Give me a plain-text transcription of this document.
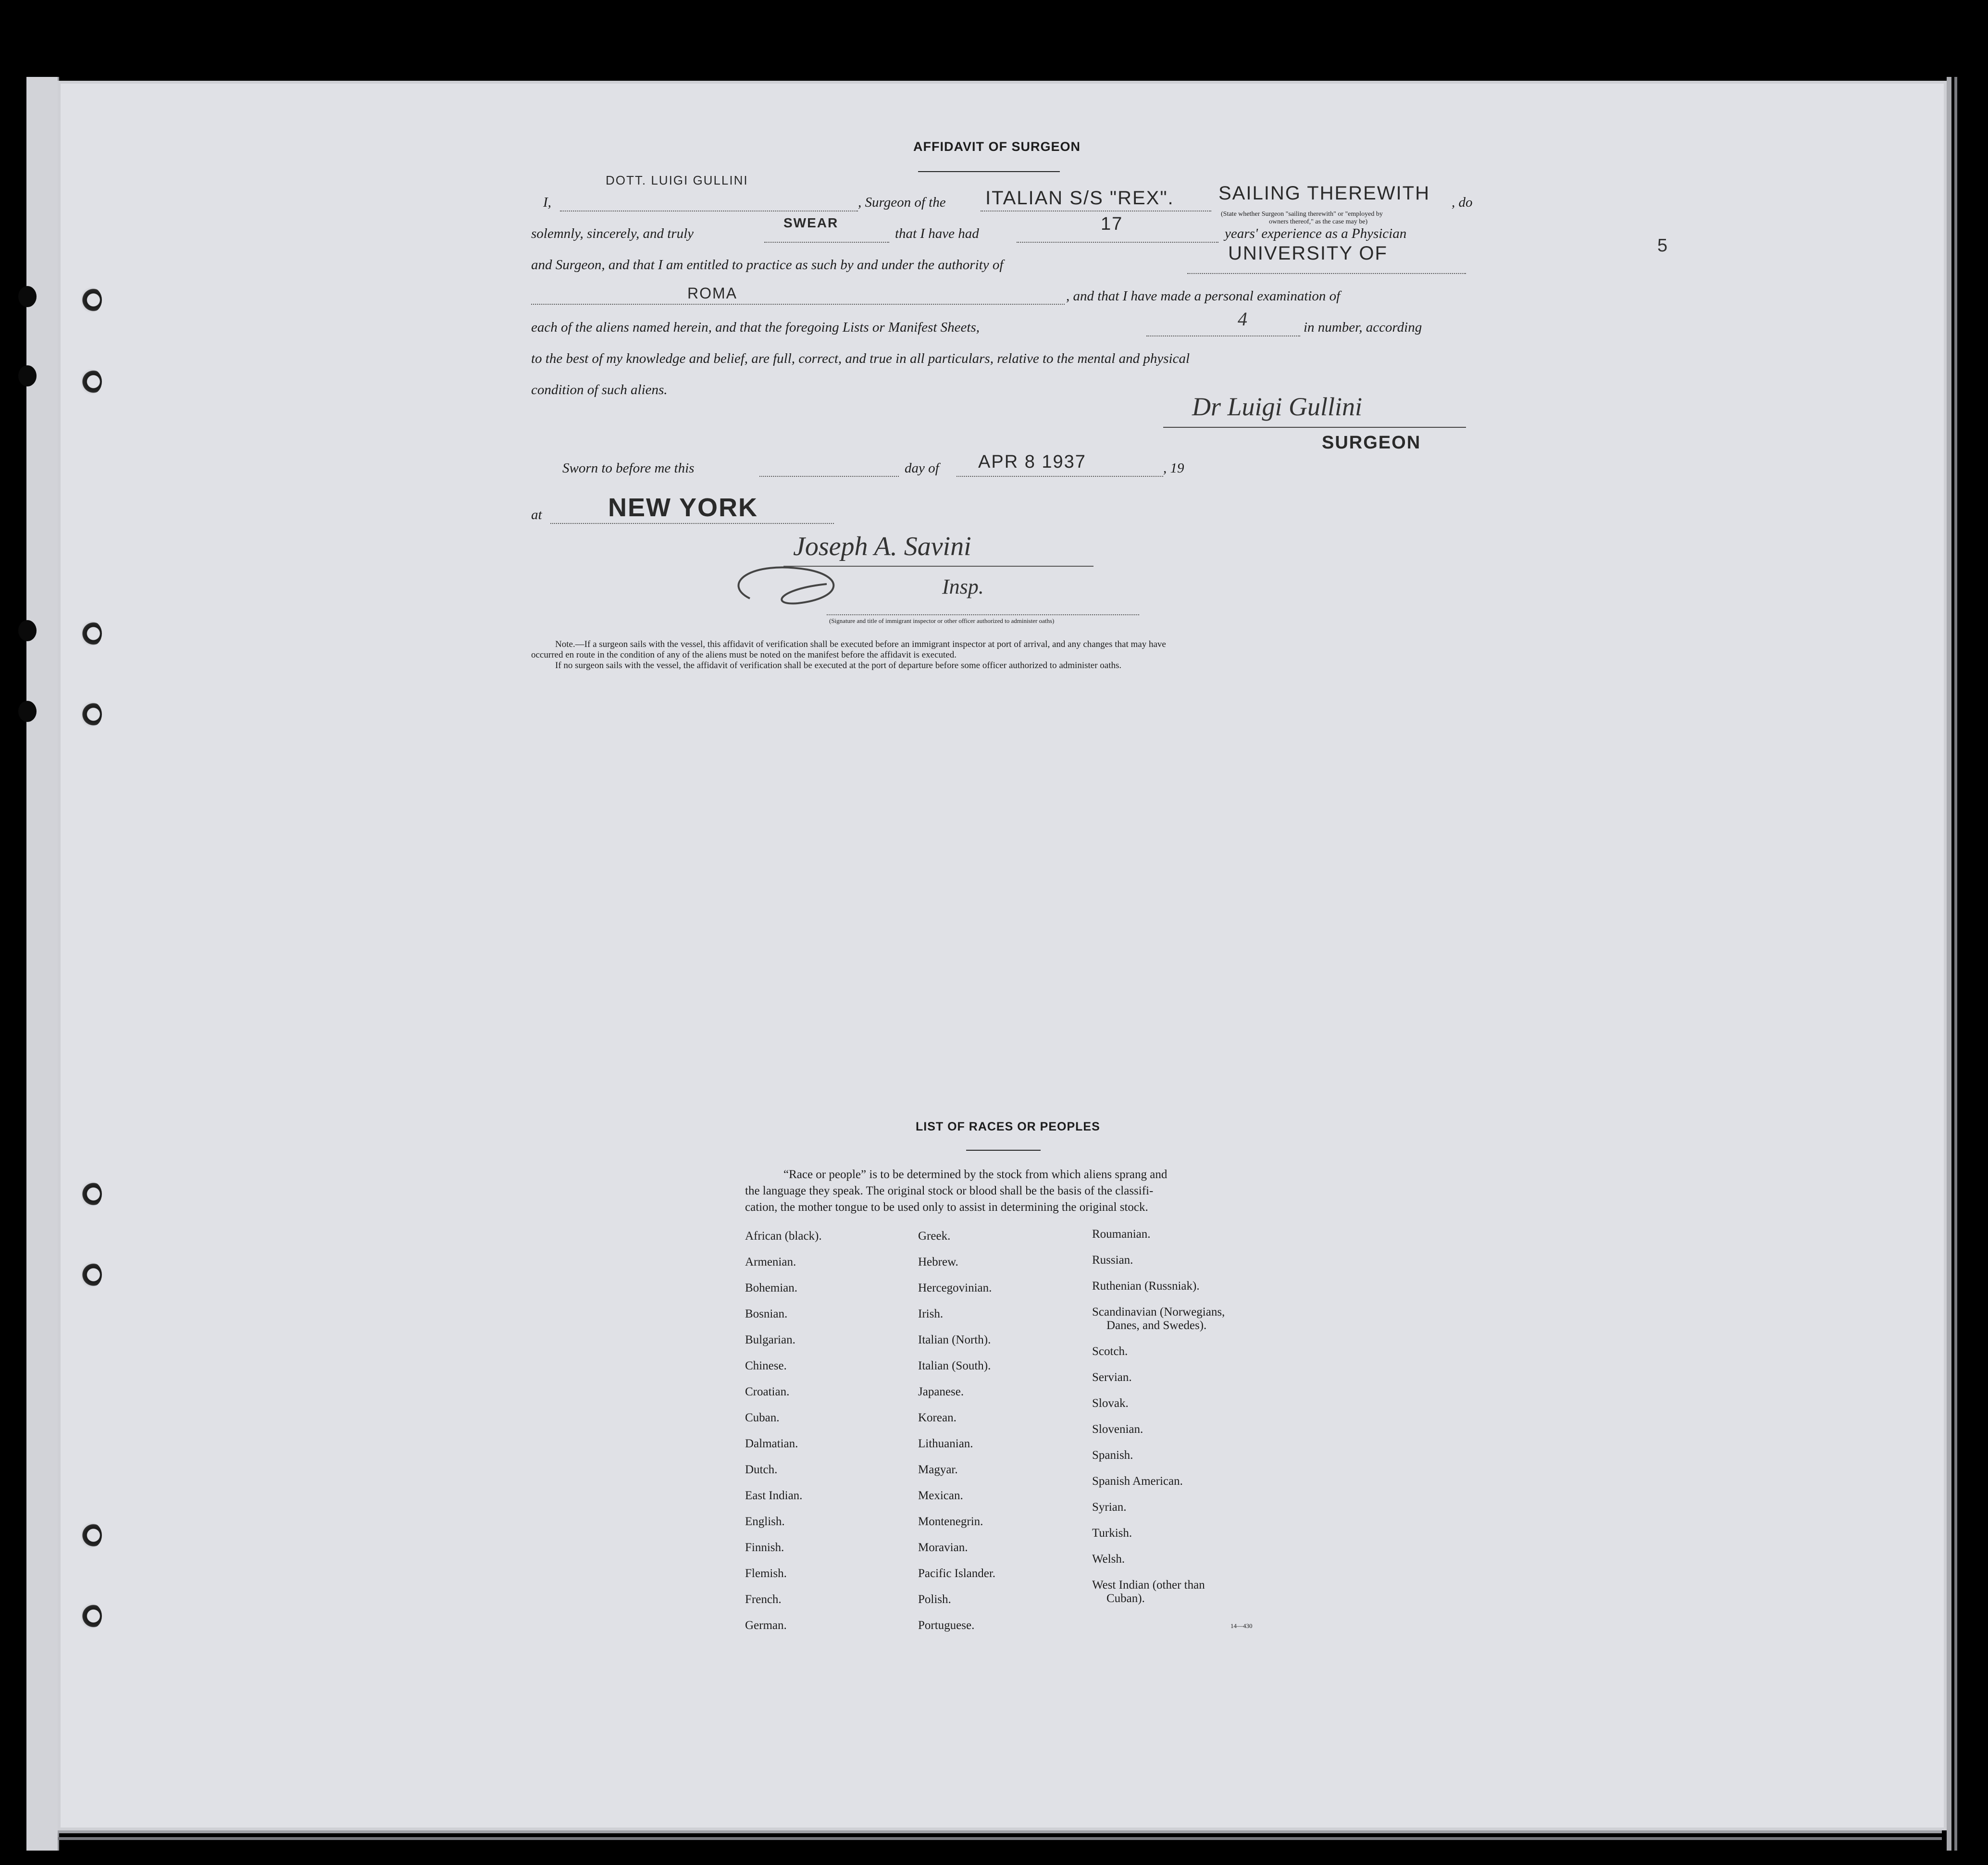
AFFIDAVIT OF SURGEON
I,
DOTT. LUIGI GULLINI
, Surgeon of the ITALIAN S/S "REX". SAILING THEREWITH , do
(State whether Surgeon "sailing therewith" or "employed by
owners thereof," as the case may be)
solemnly, sincerely, and truly
SWEAR
that I have had	17	years' experience as a Physician
and Surgeon, and that I am entitled to practice as such by and under the authority of
UNIVERSITY OF
ROMA	, and that I have made a personal examination of
each of the aliens named herein, and that the foregoing Lists or Manifest Sheets,	4	in number, according
to the best of my knowledge and belief, are full, correct, and true in all particulars, relative to the mental and physical
condition of such aliens.
Dr Luigi Gullini
SURGEON
Sworn to before me this	day of APR 8 1937	, 19
at	NEW YORK
Joseph A. Savini
Insp.
(Signature and title of immigrant inspector or other officer authorized to administer oaths)
Note.—If a surgeon sails with the vessel, this affidavit of verification shall be executed before an immigrant inspector at port of arrival, and any changes that may have
occurred en route in the condition of any of the aliens must be noted on the manifest before the affidavit is executed.
If no surgeon sails with the vessel, the affidavit of verification shall be executed at the port of departure before some officer authorized to administer oaths.
5
LIST OF RACES OR PEOPLES
“Race or people” is to be determined by the stock from which aliens sprang and
the language they speak. The original stock or blood shall be the basis of the classifi-
cation, the mother tongue to be used only to assist in determining the original stock.
African (black).
Armenian.
Bohemian.
Bosnian.
Bulgarian.
Chinese.
Croatian.
Cuban.
Dalmatian.
Dutch.
East Indian.
English.
Finnish.
Flemish.
French.
German.
Greek.
Hebrew.
Hercegovinian.
Irish.
Italian (North).
Italian (South).
Japanese.
Korean.
Lithuanian.
Magyar.
Mexican.
Montenegrin.
Moravian.
Pacific Islander.
Polish.
Portuguese.
Roumanian.
Russian.
Ruthenian (Russniak).
Scandinavian (Norwegians,
Danes, and Swedes).
Scotch.
Servian.
Slovak.
Slovenian.
Spanish.
Spanish American.
Syrian.
Turkish.
Welsh.
West Indian (other than
Cuban).
14—430
